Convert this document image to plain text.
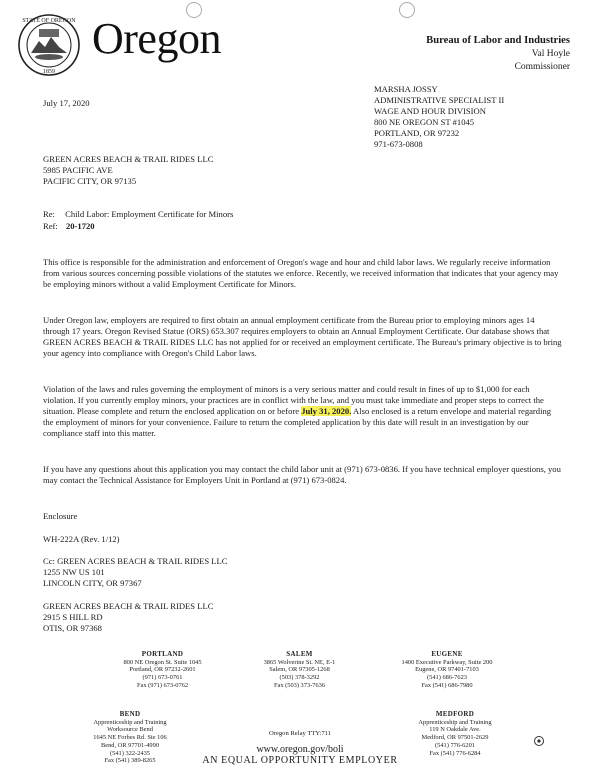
STATE OF OREGON
1859
Oregon	Bureau of Labor and Industries
Val Hoyle
Commissioner
MARSHA JOSSY
ADMINISTRATIVE SPECIALIST II
WAGE AND HOUR DIVISION
800 NE OREGON ST #1045
PORTLAND, OR 97232
971-673-0808
July 17, 2020
GREEN ACRES BEACH & TRAIL RIDES LLC
5985 PACIFIC AVE
PACIFIC CITY, OR 97135
Re: Child Labor: Employment Certificate for Minors
Ref: 20-1720
This office is responsible for the administration and enforcement of Oregon's wage and hour and child labor laws. We regularly receive information from various sources concerning possible violations of the statutes we enforce. Recently, we received information that indicates that your agency may be employing minors without a valid Employment Certificate for Minors.
Under Oregon law, employers are required to first obtain an annual employment certificate from the Bureau prior to employing minors ages 14 through 17 years. Oregon Revised Statue (ORS) 653.307 requires employers to obtain an Annual Employment Certificate. Our database shows that GREEN ACRES BEACH & TRAIL RIDES LLC has not applied for or received an employment certificate. The Bureau's primary objective is to bring your agency into compliance with Oregon's Child Labor laws.
Violation of the laws and rules governing the employment of minors is a very serious matter and could result in fines of up to $1,000 for each violation. If you currently employ minors, your practices are in conflict with the law, and you must take immediate and proper steps to correct the situation. Please complete and return the enclosed application on or before July 31, 2020. Also enclosed is a return envelope and material regarding the employment of minors for your convenience. Failure to return the completed application by this date will result in an investigation by our compliance staff into this matter.
If you have any questions about this application you may contact the child labor unit at (971) 673-0836. If you have technical employer questions, you may contact the Technical Assistance for Employers Unit in Portland at (971) 673-0824.
Enclosure
WH-222A (Rev. 1/12)
Cc: GREEN ACRES BEACH & TRAIL RIDES LLC
1255 NW US 101
LINCOLN CITY, OR 97367
GREEN ACRES BEACH & TRAIL RIDES LLC
2915 S HILL RD
OTIS, OR 97368
PORTLAND
800 NE Oregon St. Suite 1045
Portland, OR 97232-2601
(971) 673-0761
Fax (971) 673-0762
SALEM
3865 Wolverine St. NE, E-1
Salem, OR 97305-1268
(503) 378-3292
Fax (503) 373-7636
EUGENE
1400 Executive Parkway, Suite 200
Eugene, OR 97401-7103
(541) 686-7623
Fax (541) 686-7980
BEND
Apprenticeship and Training
Worksource Bend
1645 NE Forbes Rd. Ste 106
Bend, OR 97701-4990
(541) 322-2435
Fax (541) 389-8265
MEDFORD
Apprenticeship and Training
119 N Oakdale Ave.
Medford, OR 97501-2629
(541) 776-6201
Fax (541) 776-6284
Oregon Relay TTY:711
www.oregon.gov/boli
AN EQUAL OPPORTUNITY EMPLOYER
